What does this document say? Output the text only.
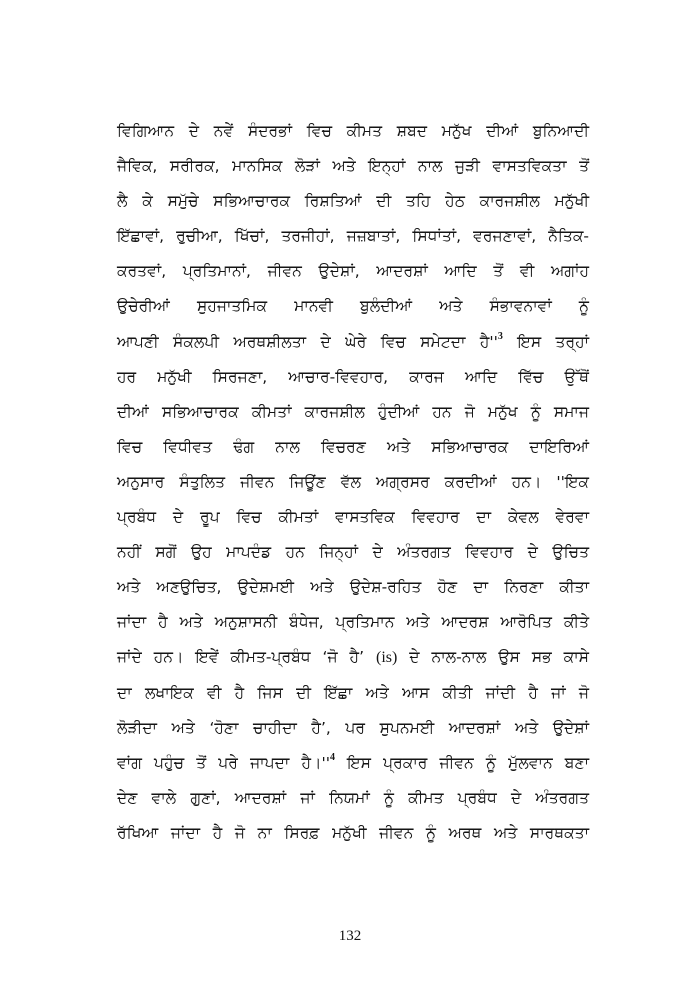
ਵਿਗਿਆਨ ਦੇ ਨਵੇਂ ਸੰਦਰਭਾਂ ਵਿਚ ਕੀਮਤ ਸ਼ਬਦ ਮਨੁੱਖ ਦੀਆਂ ਬੁਨਿਆਦੀ
ਜੈਵਿਕ, ਸਰੀਰਕ, ਮਾਨਸਿਕ ਲੋੜਾਂ ਅਤੇ ਇਨ੍ਹਾਂ ਨਾਲ ਜੁੜੀ ਵਾਸਤਵਿਕਤਾ ਤੋਂ
ਲੈ ਕੇ ਸਮੁੱਚੇ ਸਭਿਆਚਾਰਕ ਰਿਸ਼ਤਿਆਂ ਦੀ ਤਹਿ ਹੇਠ ਕਾਰਜਸ਼ੀਲ ਮਨੁੱਖੀ
ਇੱਛਾਵਾਂ, ਰੁਚੀਆ, ਖਿੱਚਾਂ, ਤਰਜੀਹਾਂ, ਜਜ਼ਬਾਤਾਂ, ਸਿਧਾਂਤਾਂ, ਵਰਜਣਾਵਾਂ, ਨੈਤਿਕ-
ਕਰਤਵਾਂ, ਪ੍ਰਤਿਮਾਨਾਂ, ਜੀਵਨ ਉਦੇਸ਼ਾਂ, ਆਦਰਸ਼ਾਂ ਆਦਿ ਤੋਂ ਵੀ ਅਗਾਂਹ
ਉਚੇਰੀਆਂ ਸੁਹਜਾਤਮਿਕ ਮਾਨਵੀ ਬੁਲੰਦੀਆਂ ਅਤੇ ਸੰਭਾਵਨਾਵਾਂ ਨੂੰ
ਆਪਣੀ ਸੰਕਲਪੀ ਅਰਥਸ਼ੀਲਤਾ ਦੇ ਘੇਰੇ ਵਿਚ ਸਮੇਟਦਾ ਹੈ''$^3$ ਇਸ ਤਰ੍ਹਾਂ
ਹਰ ਮਨੁੱਖੀ ਸਿਰਜਣਾ, ਆਚਾਰ-ਵਿਵਹਾਰ, ਕਾਰਜ ਆਦਿ ਵਿੱਚ ਉੱਥੋਂ
ਦੀਆਂ ਸਭਿਆਚਾਰਕ ਕੀਮਤਾਂ ਕਾਰਜਸ਼ੀਲ ਹੁੰਦੀਆਂ ਹਨ ਜੋ ਮਨੁੱਖ ਨੂੰ ਸਮਾਜ
ਵਿਚ ਵਿਧੀਵਤ ਢੰਗ ਨਾਲ ਵਿਚਰਣ ਅਤੇ ਸਭਿਆਚਾਰਕ ਦਾਇਰਿਆਂ
ਅਨੁਸਾਰ ਸੰਤੁਲਿਤ ਜੀਵਨ ਜਿਊਂਣ ਵੱਲ ਅਗ੍ਰਸਰ ਕਰਦੀਆਂ ਹਨ। ''ਇਕ
ਪ੍ਰਬੰਧ ਦੇ ਰੂਪ ਵਿਚ ਕੀਮਤਾਂ ਵਾਸਤਵਿਕ ਵਿਵਹਾਰ ਦਾ ਕੇਵਲ ਵੇਰਵਾ
ਨਹੀਂ ਸਗੋਂ ਉਹ ਮਾਪਦੰਡ ਹਨ ਜਿਨ੍ਹਾਂ ਦੇ ਅੰਤਰਗਤ ਵਿਵਹਾਰ ਦੇ ਉਚਿਤ
ਅਤੇ ਅਣਉਚਿਤ, ਉਦੇਸ਼ਮਈ ਅਤੇ ਉਦੇਸ਼-ਰਹਿਤ ਹੋਣ ਦਾ ਨਿਰਣਾ ਕੀਤਾ
ਜਾਂਦਾ ਹੈ ਅਤੇ ਅਨੁਸ਼ਾਸਨੀ ਬੰਧੇਜ, ਪ੍ਰਤਿਮਾਨ ਅਤੇ ਆਦਰਸ਼ ਆਰੋਪਿਤ ਕੀਤੇ
ਜਾਂਦੇ ਹਨ। ਇਵੇਂ ਕੀਮਤ-ਪ੍ਰਬੰਧ ‘ਜੋ ਹੈ’ (is) ਦੇ ਨਾਲ-ਨਾਲ ਉਸ ਸਭ ਕਾਸੇ
ਦਾ ਲਖਾਇਕ ਵੀ ਹੈ ਜਿਸ ਦੀ ਇੱਛਾ ਅਤੇ ਆਸ ਕੀਤੀ ਜਾਂਦੀ ਹੈ ਜਾਂ ਜੋ
ਲੋੜੀਦਾ ਅਤੇ ‘ਹੋਣਾ ਚਾਹੀਦਾ ਹੈ’, ਪਰ ਸੁਪਨਮਈ ਆਦਰਸ਼ਾਂ ਅਤੇ ਉਦੇਸ਼ਾਂ
ਵਾਂਗ ਪਹੁੰਚ ਤੋਂ ਪਰੇ ਜਾਪਦਾ ਹੈ।''$^4$ ਇਸ ਪ੍ਰਕਾਰ ਜੀਵਨ ਨੂੰ ਮੁੱਲਵਾਨ ਬਣਾ
ਦੇਣ ਵਾਲੇ ਗੁਣਾਂ, ਆਦਰਸ਼ਾਂ ਜਾਂ ਨਿਯਮਾਂ ਨੂੰ ਕੀਮਤ ਪ੍ਰਬੰਧ ਦੇ ਅੰਤਰਗਤ
ਰੱਖਿਆ ਜਾਂਦਾ ਹੈ ਜੋ ਨਾ ਸਿਰਫ਼ ਮਨੁੱਖੀ ਜੀਵਨ ਨੂੰ ਅਰਥ ਅਤੇ ਸਾਰਥਕਤਾ
132
